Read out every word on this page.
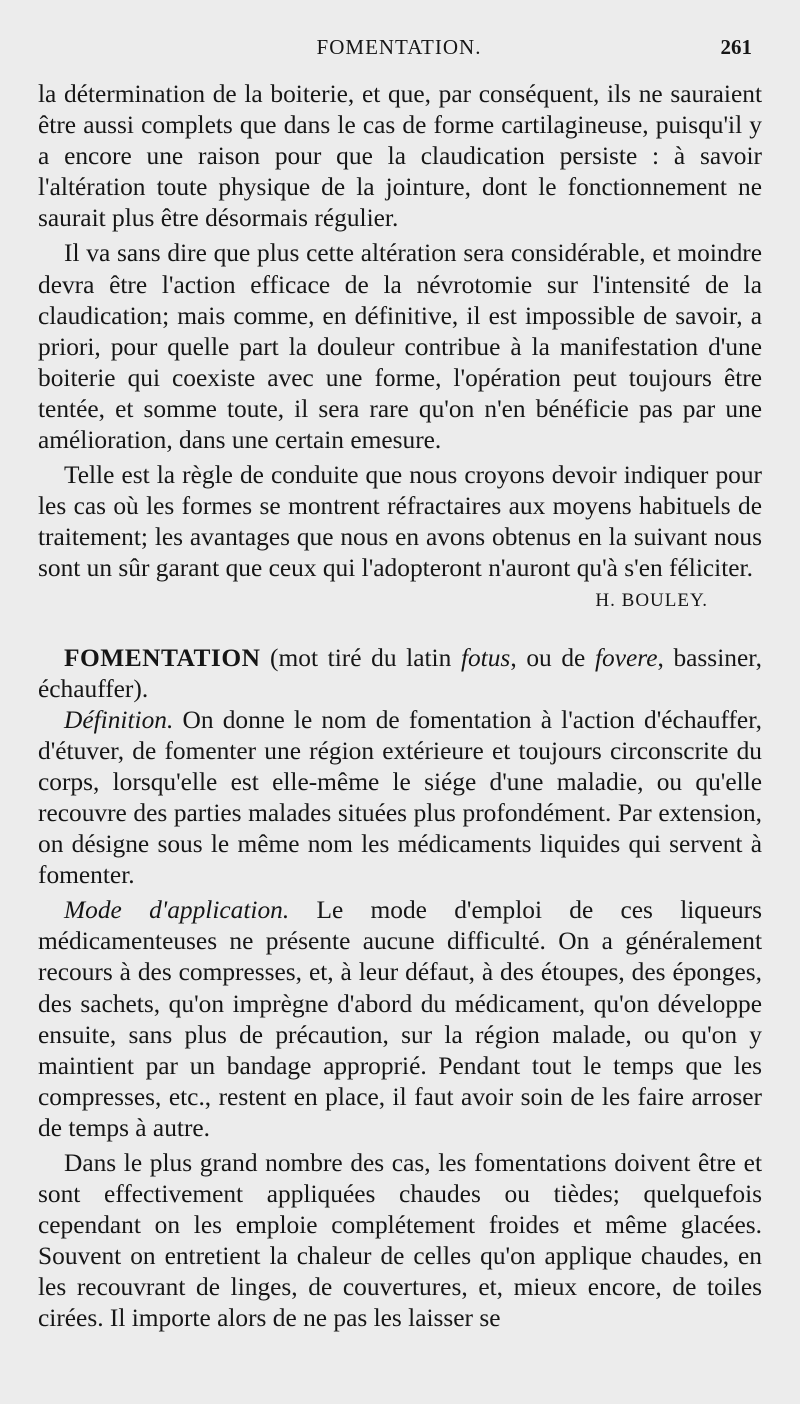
FOMENTATION.	261

la détermination de la boiterie, et que, par conséquent, ils ne sauraient être aussi complets que dans le cas de forme cartilagineuse, puisqu'il y a encore une raison pour que la claudication persiste : à savoir l'altération toute physique de la jointure, dont le fonctionnement ne saurait plus être désormais régulier.

Il va sans dire que plus cette altération sera considérable, et moindre devra être l'action efficace de la névrotomie sur l'intensité de la claudication; mais comme, en définitive, il est impossible de savoir, a priori, pour quelle part la douleur contribue à la manifestation d'une boiterie qui coexiste avec une forme, l'opération peut toujours être tentée, et somme toute, il sera rare qu'on n'en bénéficie pas par une amélioration, dans une certain emesure.

Telle est la règle de conduite que nous croyons devoir indiquer pour les cas où les formes se montrent réfractaires aux moyens habituels de traitement; les avantages que nous en avons obtenus en la suivant nous sont un sûr garant que ceux qui l'adopteront n'auront qu'à s'en féliciter.
H. BOULEY.

FOMENTATION (mot tiré du latin fotus, ou de fovere, bassiner, échauffer).

Définition. On donne le nom de fomentation à l'action d'échauffer, d'étuver, de fomenter une région extérieure et toujours circonscrite du corps, lorsqu'elle est elle-même le siége d'une maladie, ou qu'elle recouvre des parties malades situées plus profondément. Par extension, on désigne sous le même nom les médicaments liquides qui servent à fomenter.

Mode d'application. Le mode d'emploi de ces liqueurs médicamenteuses ne présente aucune difficulté. On a généralement recours à des compresses, et, à leur défaut, à des étoupes, des éponges, des sachets, qu'on imprègne d'abord du médicament, qu'on développe ensuite, sans plus de précaution, sur la région malade, ou qu'on y maintient par un bandage approprié. Pendant tout le temps que les compresses, etc., restent en place, il faut avoir soin de les faire arroser de temps à autre.

Dans le plus grand nombre des cas, les fomentations doivent être et sont effectivement appliquées chaudes ou tièdes; quelquefois cependant on les emploie complétement froides et même glacées. Souvent on entretient la chaleur de celles qu'on applique chaudes, en les recouvrant de linges, de couvertures, et, mieux encore, de toiles cirées. Il importe alors de ne pas les laisser se
